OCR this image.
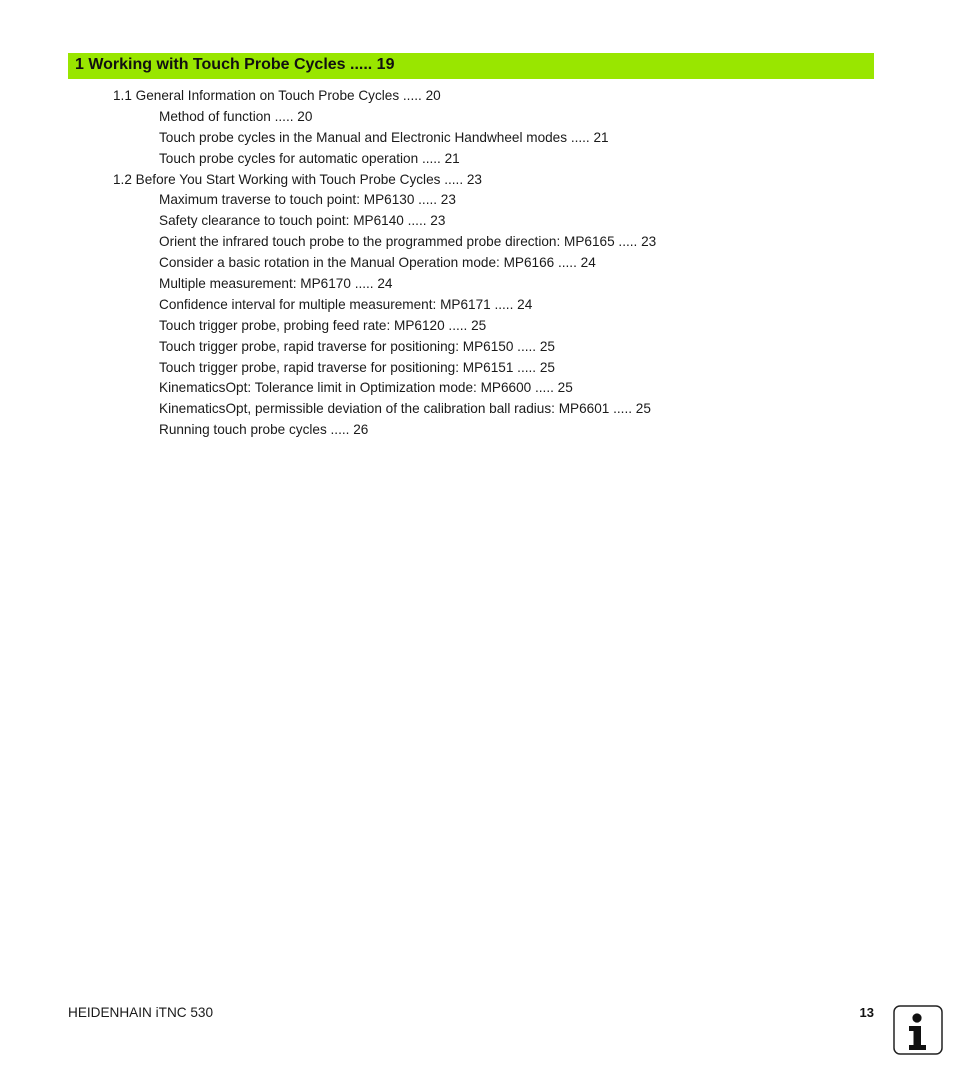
1 Working with Touch Probe Cycles ..... 19
1.1 General Information on Touch Probe Cycles ..... 20
Method of function ..... 20
Touch probe cycles in the Manual and Electronic Handwheel modes ..... 21
Touch probe cycles for automatic operation ..... 21
1.2 Before You Start Working with Touch Probe Cycles ..... 23
Maximum traverse to touch point: MP6130 ..... 23
Safety clearance to touch point: MP6140 ..... 23
Orient the infrared touch probe to the programmed probe direction: MP6165 ..... 23
Consider a basic rotation in the Manual Operation mode: MP6166 ..... 24
Multiple measurement: MP6170 ..... 24
Confidence interval for multiple measurement: MP6171 ..... 24
Touch trigger probe, probing feed rate: MP6120 ..... 25
Touch trigger probe, rapid traverse for positioning: MP6150 ..... 25
Touch trigger probe, rapid traverse for positioning: MP6151 ..... 25
KinematicsOpt: Tolerance limit in Optimization mode: MP6600 ..... 25
KinematicsOpt, permissible deviation of the calibration ball radius: MP6601 ..... 25
Running touch probe cycles ..... 26
HEIDENHAIN iTNC 530	13
